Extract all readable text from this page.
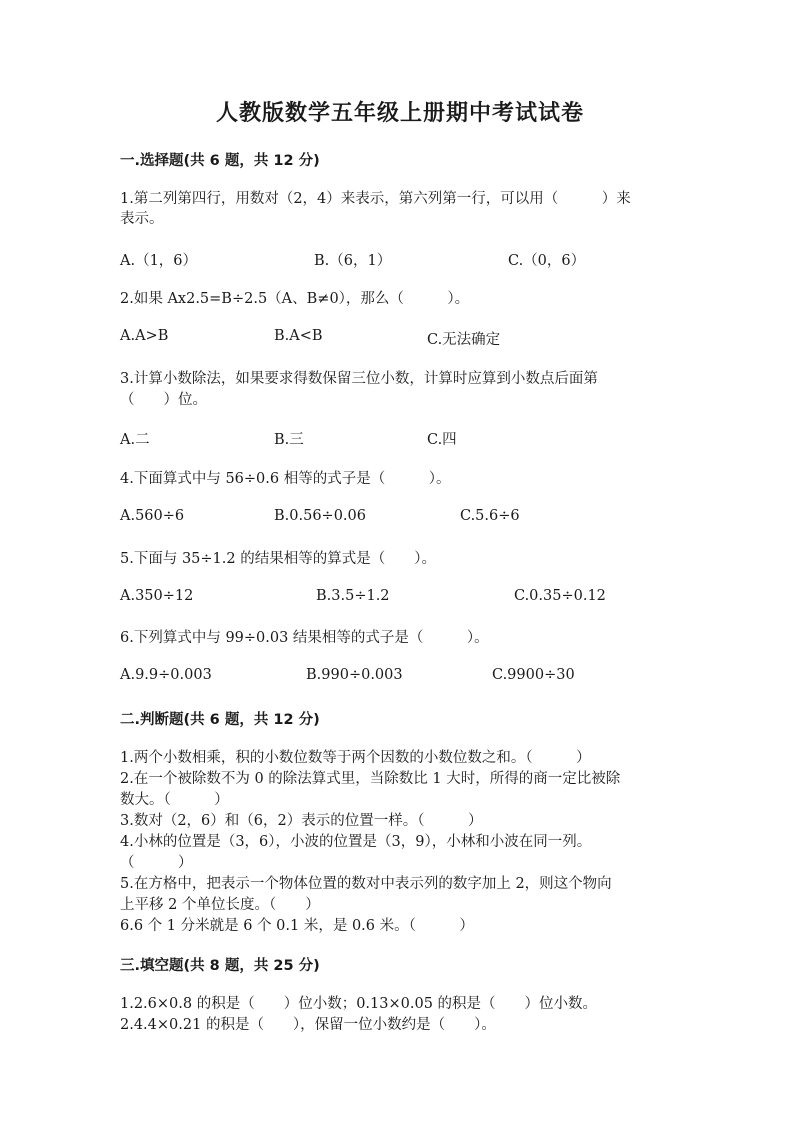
人教版数学五年级上册期中考试试卷
一.选择题(共 6 题，共 12 分)
1.第二列第四行，用数对（2，4）来表示，第六列第一行，可以用（　　　）来
表示。
A.（1，6）	B.（6，1）	C.（0，6）
2.如果 Ax2.5=B÷2.5（A、B≠0），那么（　　　）。
A.A>B	B.A<B	C.无法确定
3.计算小数除法，如果要求得数保留三位小数，计算时应算到小数点后面第
（　　）位。
A.二	B.三	C.四
4.下面算式中与 56÷0.6 相等的式子是（　　　）。
A.560÷6	B.0.56÷0.06	C.5.6÷6
5.下面与 35÷1.2 的结果相等的算式是（　　）。
A.350÷12	B.3.5÷1.2	C.0.35÷0.12
6.下列算式中与 99÷0.03 结果相等的式子是（　　　）。
A.9.9÷0.003	B.990÷0.003	C.9900÷30
二.判断题(共 6 题，共 12 分)
1.两个小数相乘，积的小数位数等于两个因数的小数位数之和。（　　　）
2.在一个被除数不为 0 的除法算式里，当除数比 1 大时，所得的商一定比被除
数大。（　　　）
3.数对（2，6）和（6，2）表示的位置一样。（　　　）
4.小林的位置是（3，6），小波的位置是（3，9），小林和小波在同一列。
（　　　）
5.在方格中，把表示一个物体位置的数对中表示列的数字加上 2，则这个物向
上平移 2 个单位长度。（　　）
6.6 个 1 分米就是 6 个 0.1 米，是 0.6 米。（　　　）
三.填空题(共 8 题，共 25 分)
1.2.6×0.8 的积是（　　）位小数；0.13×0.05 的积是（　　）位小数。
2.4.4×0.21 的积是（　　），保留一位小数约是（　　）。
